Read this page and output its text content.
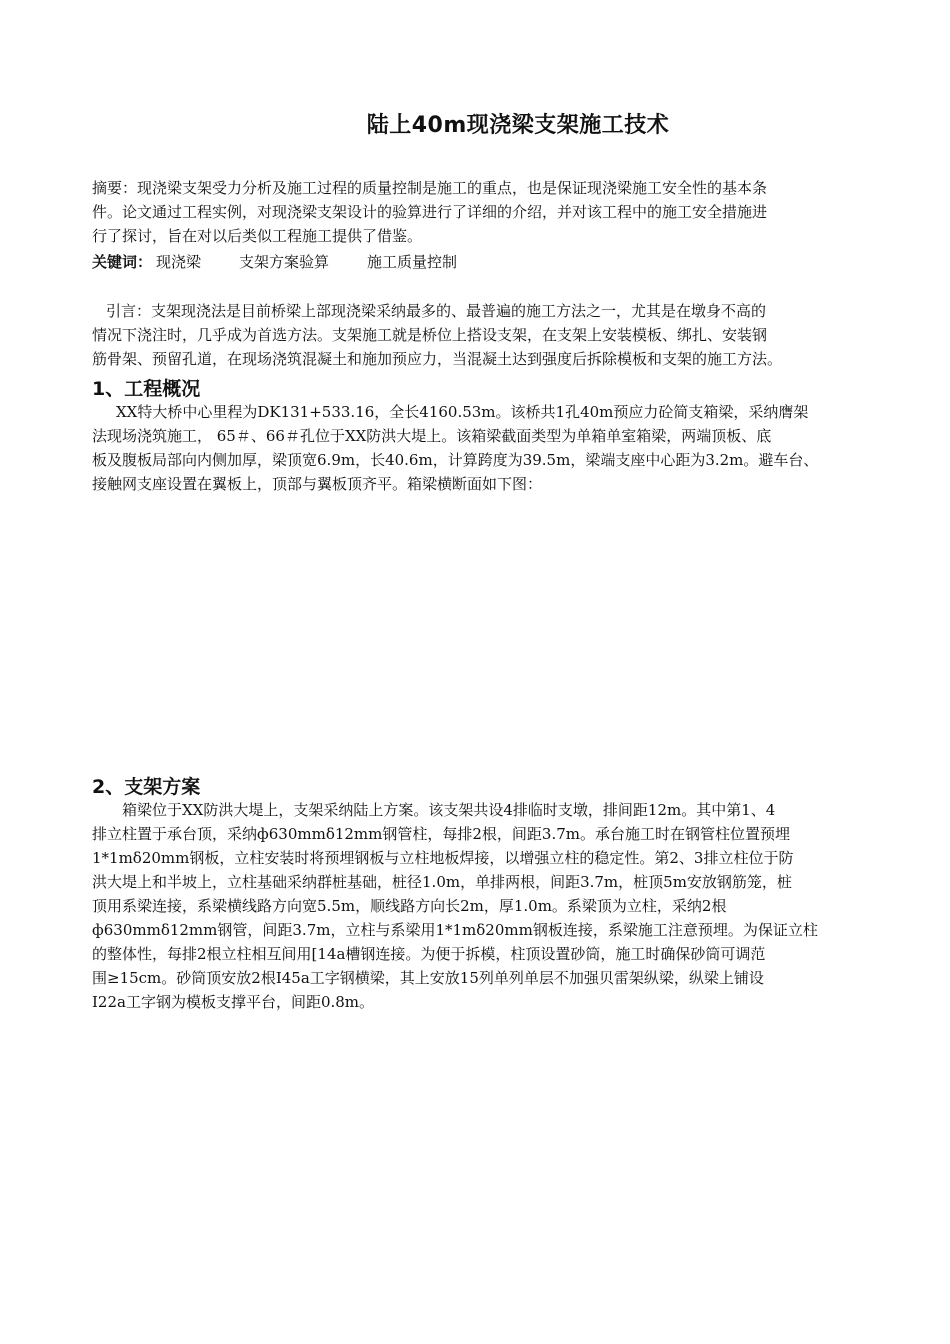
陆上40m现浇梁支架施工技术
摘要：现浇梁支架受力分析及施工过程的质量控制是施工的重点，也是保证现浇梁施工安全性的基本条
件。论文通过工程实例，对现浇梁支架设计的验算进行了详细的介绍，并对该工程中的施工安全措施进
行了探讨，旨在对以后类似工程施工提供了借鉴。
关键词： 现浇梁	支架方案验算	施工质量控制
引言：支架现浇法是目前桥梁上部现浇梁采纳最多的、最普遍的施工方法之一，尤其是在墩身不高的
情况下浇注时，几乎成为首选方法。支架施工就是桥位上搭设支架，在支架上安装模板、绑扎、安装钢
筋骨架、预留孔道，在现场浇筑混凝土和施加预应力，当混凝土达到强度后拆除模板和支架的施工方法。
1、工程概况
XX特大桥中心里程为DK131+533.16，全长4160.53m。该桥共1孔40m预应力砼简支箱梁，采纳膺架
法现场浇筑施工， 65＃、66＃孔位于XX防洪大堤上。该箱梁截面类型为单箱单室箱梁，两端顶板、底
板及腹板局部向内侧加厚，梁顶宽6.9m，长40.6m，计算跨度为39.5m，梁端支座中心距为3.2m。避车台、
接触网支座设置在翼板上，顶部与翼板顶齐平。箱梁横断面如下图：
2、支架方案
箱梁位于XX防洪大堤上，支架采纳陆上方案。该支架共设4排临时支墩，排间距12m。其中第1、4
排立柱置于承台顶，采纳ф630mmδ12mm钢管柱，每排2根，间距3.7m。承台施工时在钢管柱位置预埋
1*1mδ20mm钢板，立柱安装时将预埋钢板与立柱地板焊接，以增强立柱的稳定性。第2、3排立柱位于防
洪大堤上和半坡上，立柱基础采纳群桩基础，桩径1.0m，单排两根，间距3.7m，桩顶5m安放钢筋笼，桩
顶用系梁连接，系梁横线路方向宽5.5m，顺线路方向长2m，厚1.0m。系梁顶为立柱，采纳2根
ф630mmδ12mm钢管，间距3.7m，立柱与系梁用1*1mδ20mm钢板连接，系梁施工注意预埋。为保证立柱
的整体性，每排2根立柱相互间用[14a槽钢连接。为便于拆模，柱顶设置砂筒，施工时确保砂筒可调范
围≥15cm。砂筒顶安放2根I45a工字钢横梁，其上安放15列单列单层不加强贝雷架纵梁，纵梁上铺设
I22a工字钢为模板支撑平台，间距0.8m。
